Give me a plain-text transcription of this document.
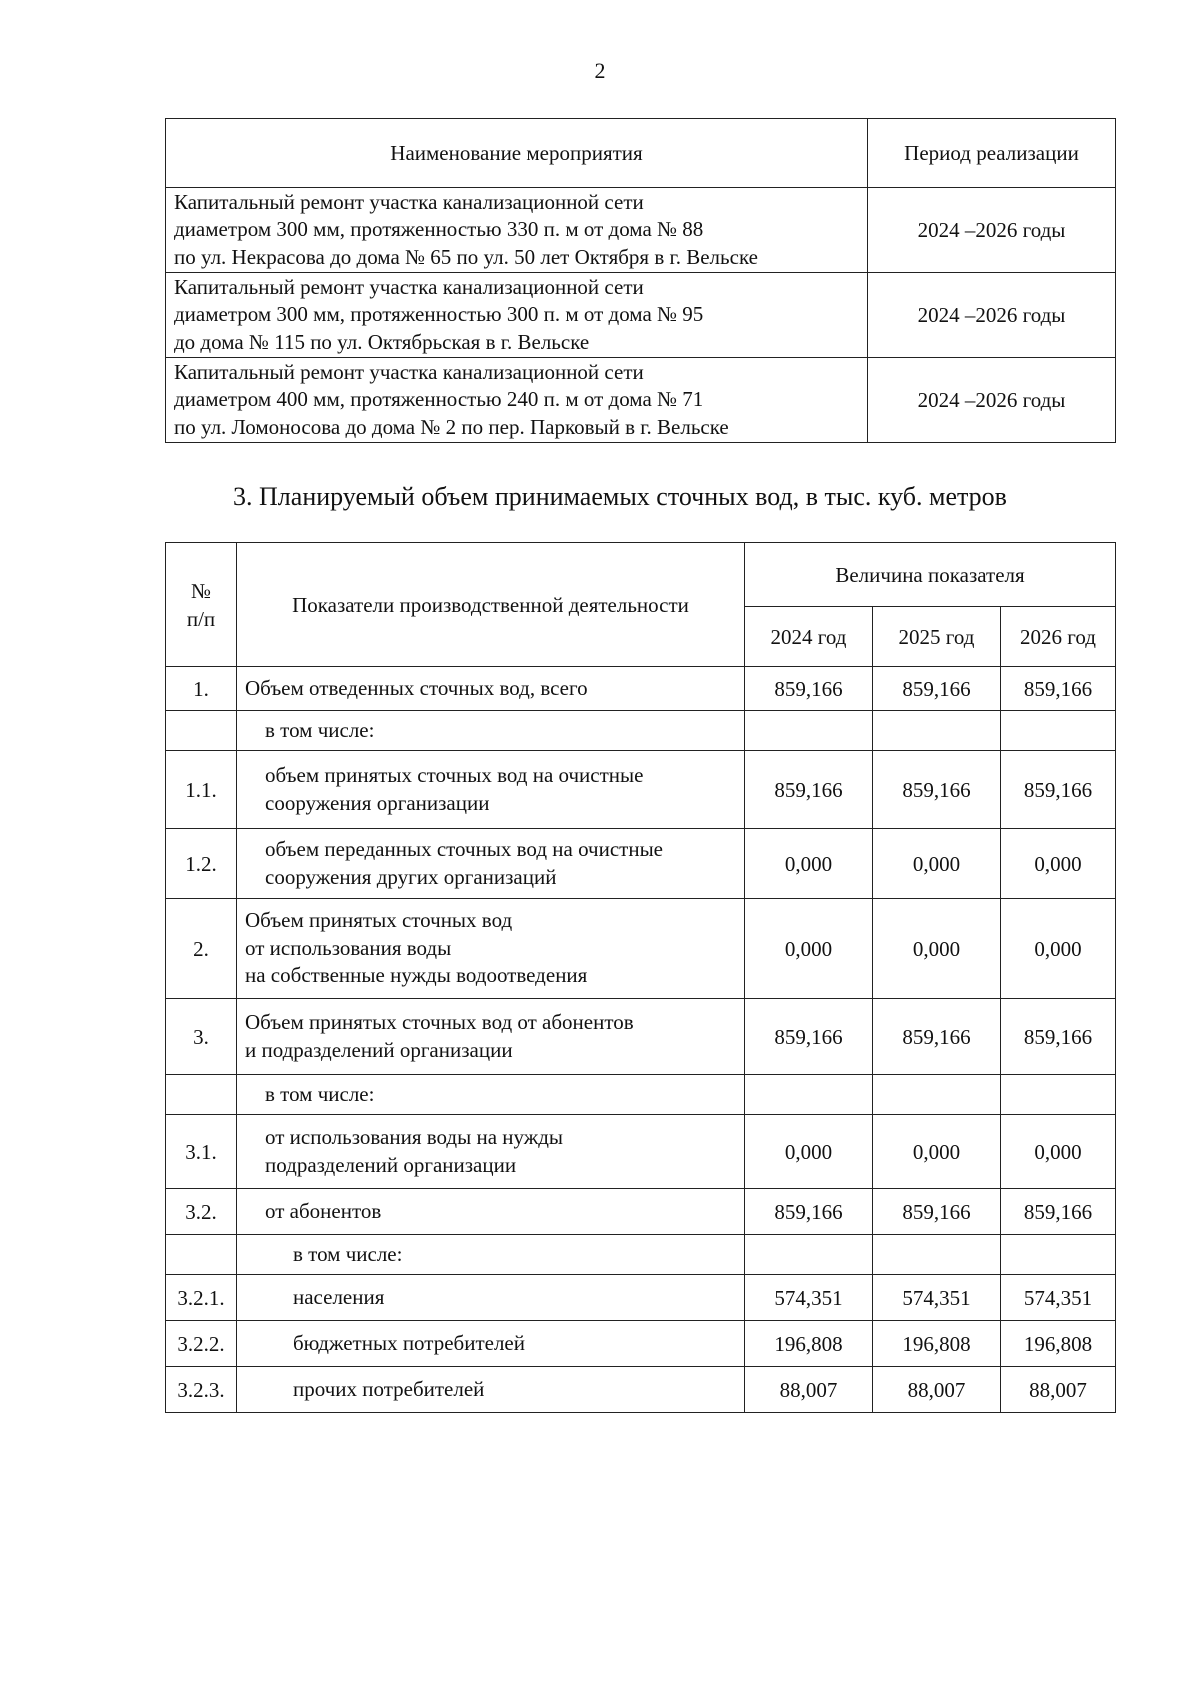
2
Наименование мероприятия	Период реализации
Капитальный ремонт участка канализационной сети
диаметром 300 мм, протяженностью 330 п. м от дома № 88
по ул. Некрасова до дома № 65 по ул. 50 лет Октября в г. Вельске	2024 –2026 годы
Капитальный ремонт участка канализационной сети
диаметром 300 мм, протяженностью 300 п. м от дома № 95
до дома № 115 по ул. Октябрьская в г. Вельске	2024 –2026 годы
Капитальный ремонт участка канализационной сети
диаметром 400 мм, протяженностью 240 п. м от дома № 71
по ул. Ломоносова до дома № 2 по пер. Парковый в г. Вельске	2024 –2026 годы
3. Планируемый объем принимаемых сточных вод, в тыс. куб. метров
№
п/п	Показатели производственной деятельности	Величина показателя		
		2024 год	2025 год	2026 год
1.	Объем отведенных сточных вод, всего	859,166	859,166	859,166
	в том числе:			
1.1.	объем принятых сточных вод на очистные
сооружения организации	859,166	859,166	859,166
1.2.	объем переданных сточных вод на очистные
сооружения других организаций	0,000	0,000	0,000
2.	Объем принятых сточных вод
от использования воды
на собственные нужды водоотведения	0,000	0,000	0,000
3.	Объем принятых сточных вод от абонентов
и подразделений организации	859,166	859,166	859,166
	в том числе:			
3.1.	от использования воды на нужды
подразделений организации	0,000	0,000	0,000
3.2.	от абонентов	859,166	859,166	859,166
	в том числе:			
3.2.1.	населения	574,351	574,351	574,351
3.2.2.	бюджетных потребителей	196,808	196,808	196,808
3.2.3.	прочих потребителей	88,007	88,007	88,007
